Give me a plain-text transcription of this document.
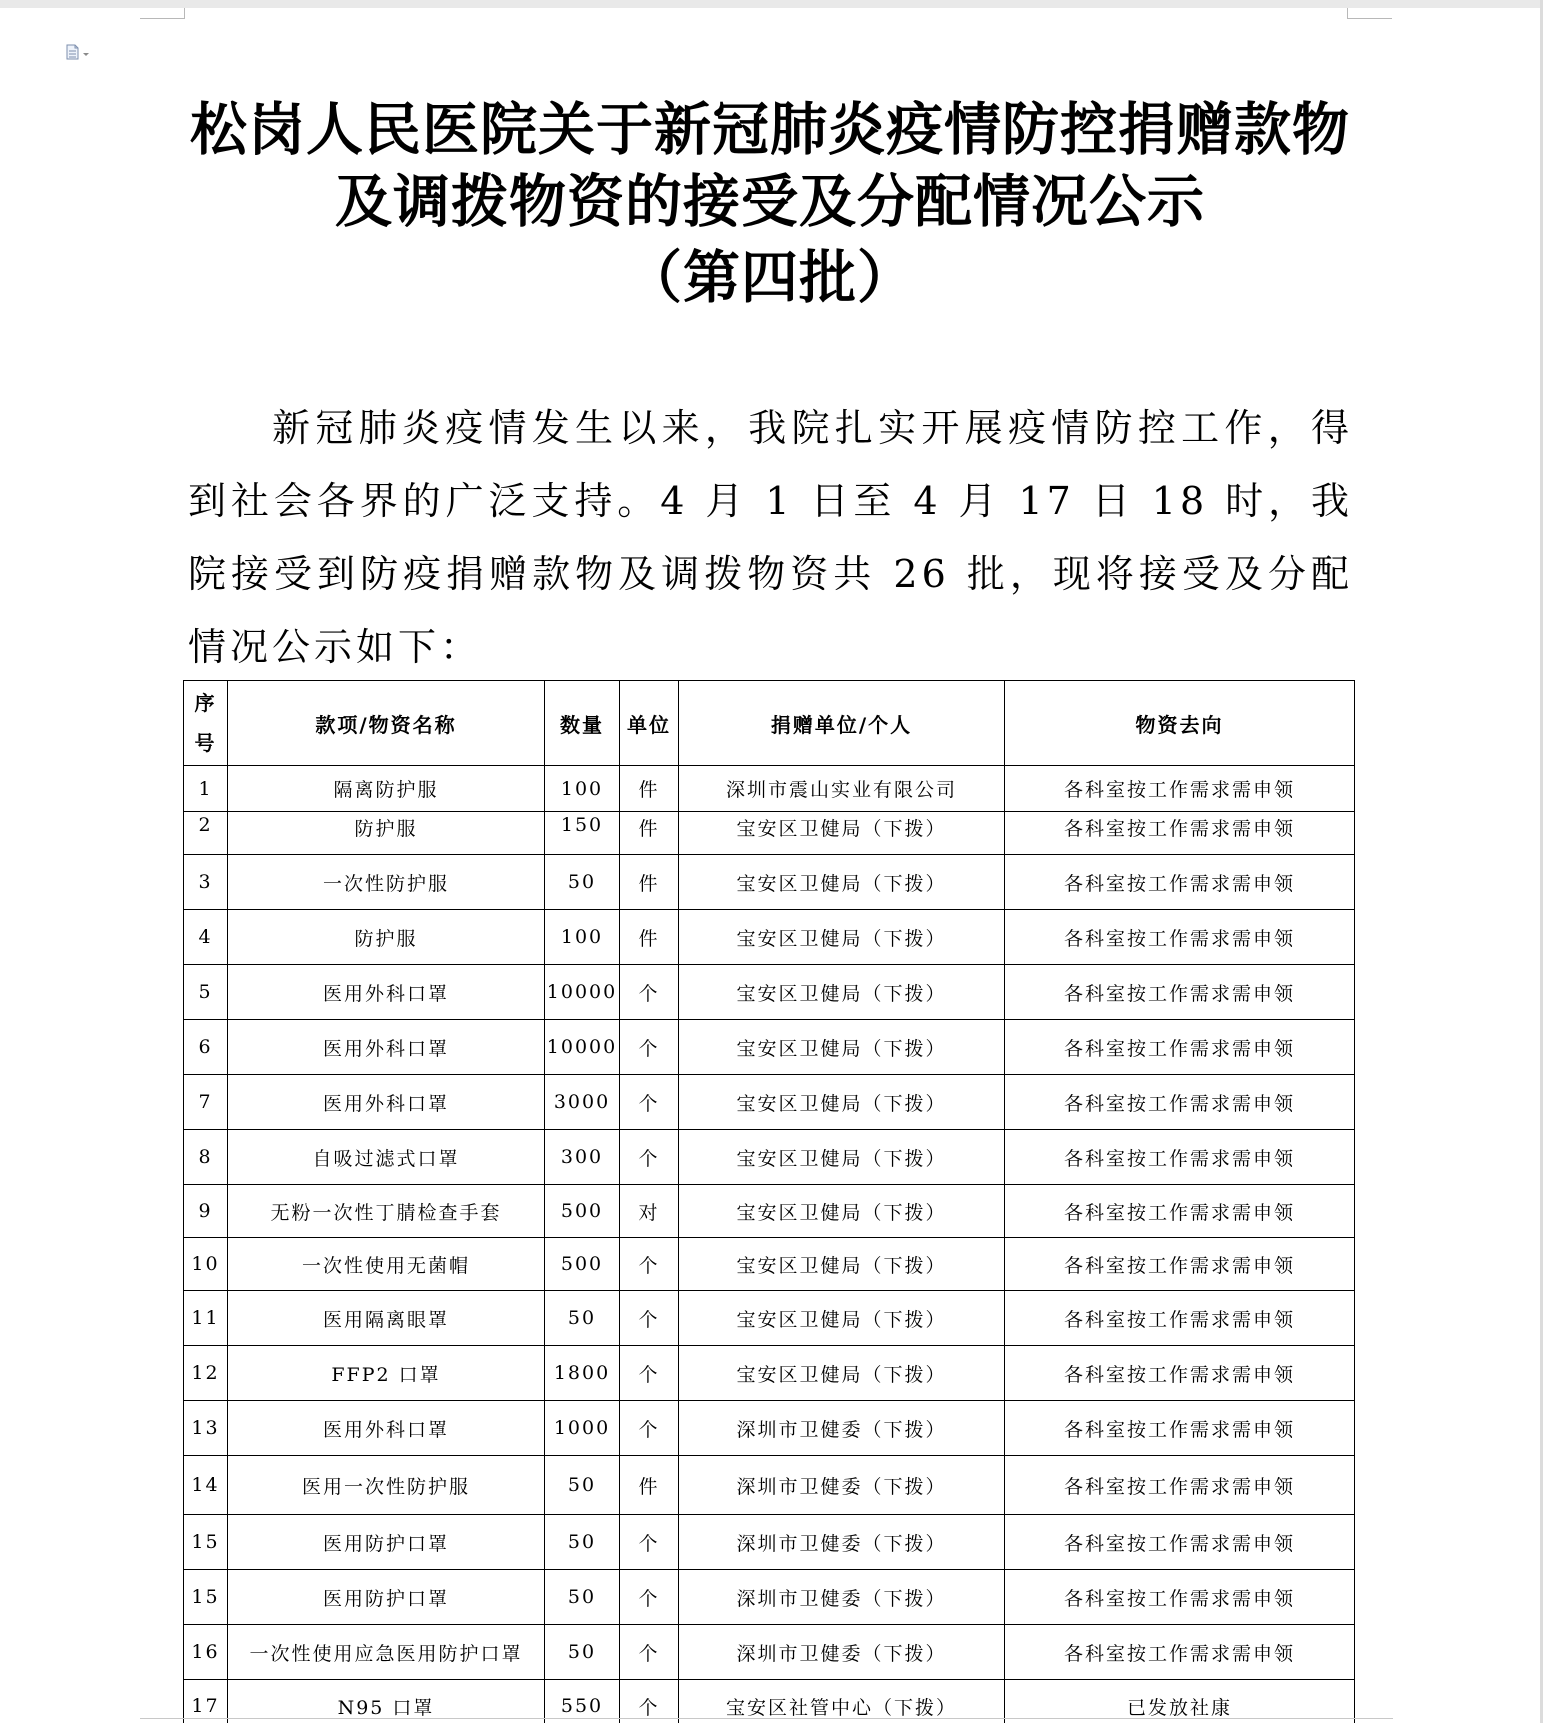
松岗人民医院关于新冠肺炎疫情防控捐赠款物
及调拨物资的接受及分配情况公示
（第四批）

新冠肺炎疫情发生以来，我院扎实开展疫情防控工作，得到社会各界的广泛支持。4 月 1 日至 4 月 17 日 18 时，我院接受到防疫捐赠款物及调拨物资共 26 批，现将接受及分配情况公示如下：

序号	款项/物资名称	数量	单位	捐赠单位/个人	物资去向
1	隔离防护服	100	件	深圳市震山实业有限公司	各科室按工作需求需申领
2	防护服	150	件	宝安区卫健局（下拨）	各科室按工作需求需申领
3	一次性防护服	50	件	宝安区卫健局（下拨）	各科室按工作需求需申领
4	防护服	100	件	宝安区卫健局（下拨）	各科室按工作需求需申领
5	医用外科口罩	10000	个	宝安区卫健局（下拨）	各科室按工作需求需申领
6	医用外科口罩	10000	个	宝安区卫健局（下拨）	各科室按工作需求需申领
7	医用外科口罩	3000	个	宝安区卫健局（下拨）	各科室按工作需求需申领
8	自吸过滤式口罩	300	个	宝安区卫健局（下拨）	各科室按工作需求需申领
9	无粉一次性丁腈检查手套	500	对	宝安区卫健局（下拨）	各科室按工作需求需申领
10	一次性使用无菌帽	500	个	宝安区卫健局（下拨）	各科室按工作需求需申领
11	医用隔离眼罩	50	个	宝安区卫健局（下拨）	各科室按工作需求需申领
12	FFP2 口罩	1800	个	宝安区卫健局（下拨）	各科室按工作需求需申领
13	医用外科口罩	1000	个	深圳市卫健委（下拨）	各科室按工作需求需申领
14	医用一次性防护服	50	件	深圳市卫健委（下拨）	各科室按工作需求需申领
15	医用防护口罩	50	个	深圳市卫健委（下拨）	各科室按工作需求需申领
15	医用防护口罩	50	个	深圳市卫健委（下拨）	各科室按工作需求需申领
16	一次性使用应急医用防护口罩	50	个	深圳市卫健委（下拨）	各科室按工作需求需申领
17	N95 口罩	550	个	宝安区社管中心（下拨）	已发放社康
